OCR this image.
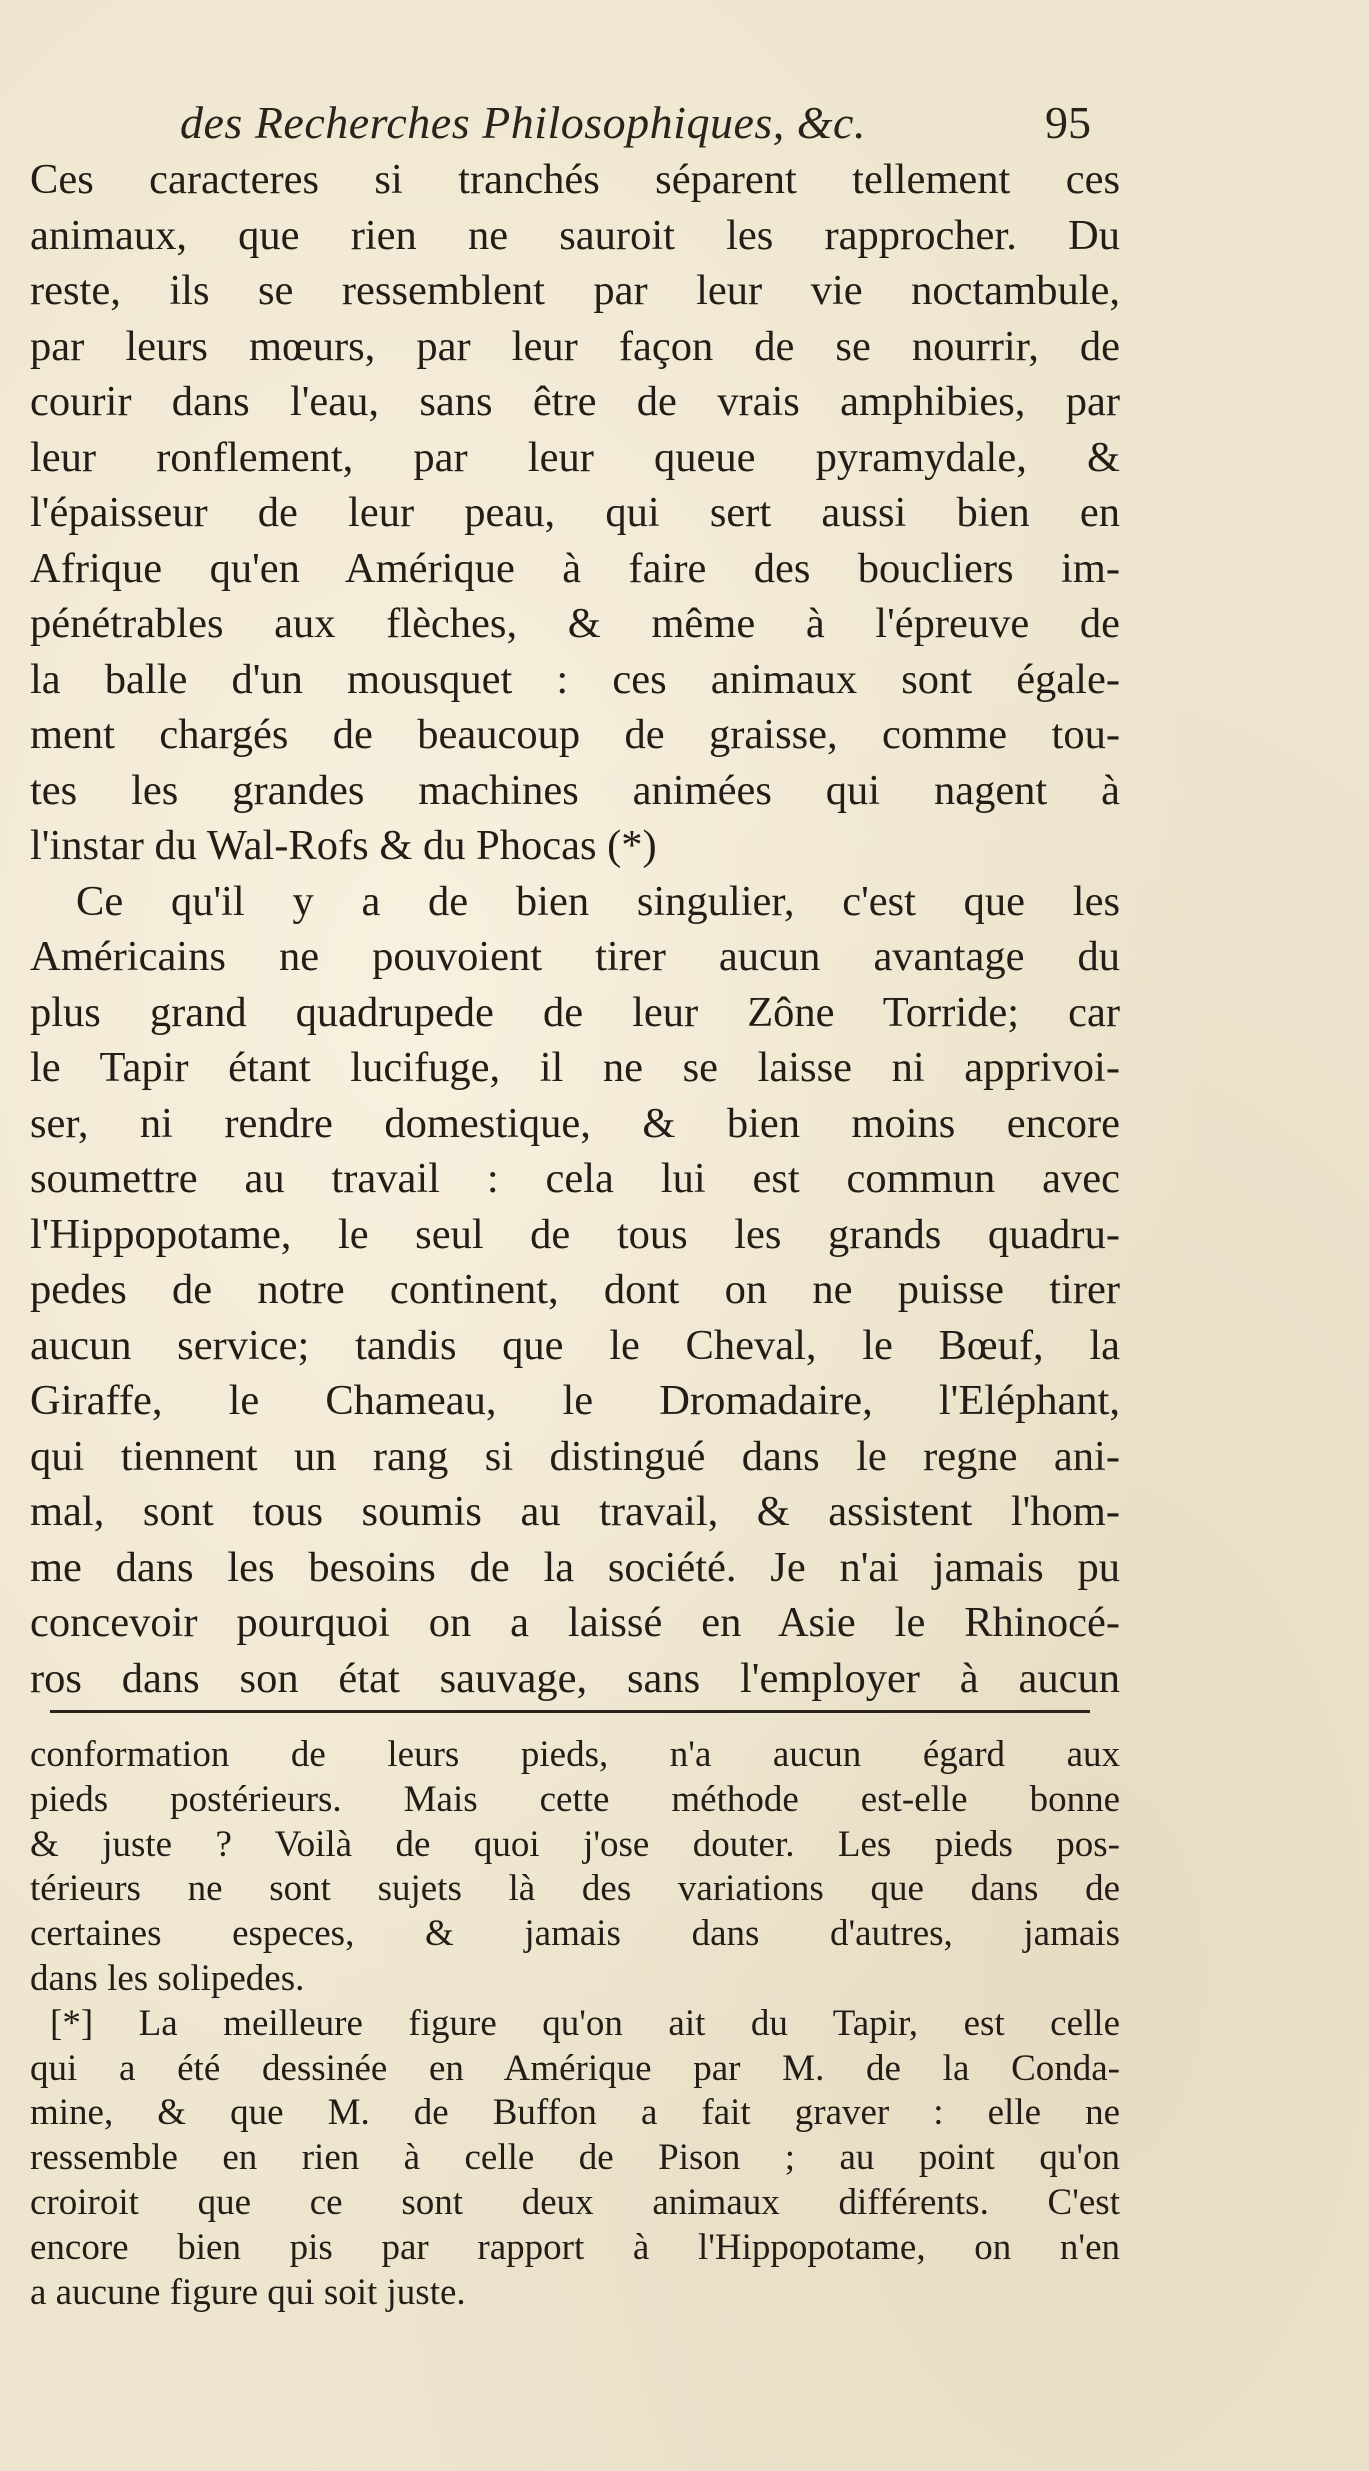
des Recherches Philosophiques, &c.	95
Ces caracteres si tranchés séparent tellement ces
animaux, que rien ne sauroit les rapprocher. Du
reste, ils se ressemblent par leur vie noctambule,
par leurs mœurs, par leur façon de se nourrir, de
courir dans l'eau, sans être de vrais amphibies, par
leur ronflement, par leur queue pyramydale, &
l'épaisseur de leur peau, qui sert aussi bien en
Afrique qu'en Amérique à faire des boucliers im-
pénétrables aux flèches, & même à l'épreuve de
la balle d'un mousquet : ces animaux sont égale-
ment chargés de beaucoup de graisse, comme tou-
tes les grandes machines animées qui nagent à
l'instar du Wal-Rofs & du Phocas (*)
Ce qu'il y a de bien singulier, c'est que les
Américains ne pouvoient tirer aucun avantage du
plus grand quadrupede de leur Zône Torride; car
le Tapir étant lucifuge, il ne se laisse ni apprivoi-
ser, ni rendre domestique, & bien moins encore
soumettre au travail : cela lui est commun avec
l'Hippopotame, le seul de tous les grands quadru-
pedes de notre continent, dont on ne puisse tirer
aucun service; tandis que le Cheval, le Bœuf, la
Giraffe, le Chameau, le Dromadaire, l'Eléphant,
qui tiennent un rang si distingué dans le regne ani-
mal, sont tous soumis au travail, & assistent l'hom-
me dans les besoins de la société. Je n'ai jamais pu
concevoir pourquoi on a laissé en Asie le Rhinocé-
ros dans son état sauvage, sans l'employer à aucun
conformation de leurs pieds, n'a aucun égard aux
pieds postérieurs. Mais cette méthode est-elle bonne
& juste ? Voilà de quoi j'ose douter. Les pieds pos-
térieurs ne sont sujets là des variations que dans de
certaines especes, & jamais dans d'autres, jamais
dans les solipedes.
[*] La meilleure figure qu'on ait du Tapir, est celle
qui a été dessinée en Amérique par M. de la Conda-
mine, & que M. de Buffon a fait graver : elle ne
ressemble en rien à celle de Pison ; au point qu'on
croiroit que ce sont deux animaux différents. C'est
encore bien pis par rapport à l'Hippopotame, on n'en
a aucune figure qui soit juste.
